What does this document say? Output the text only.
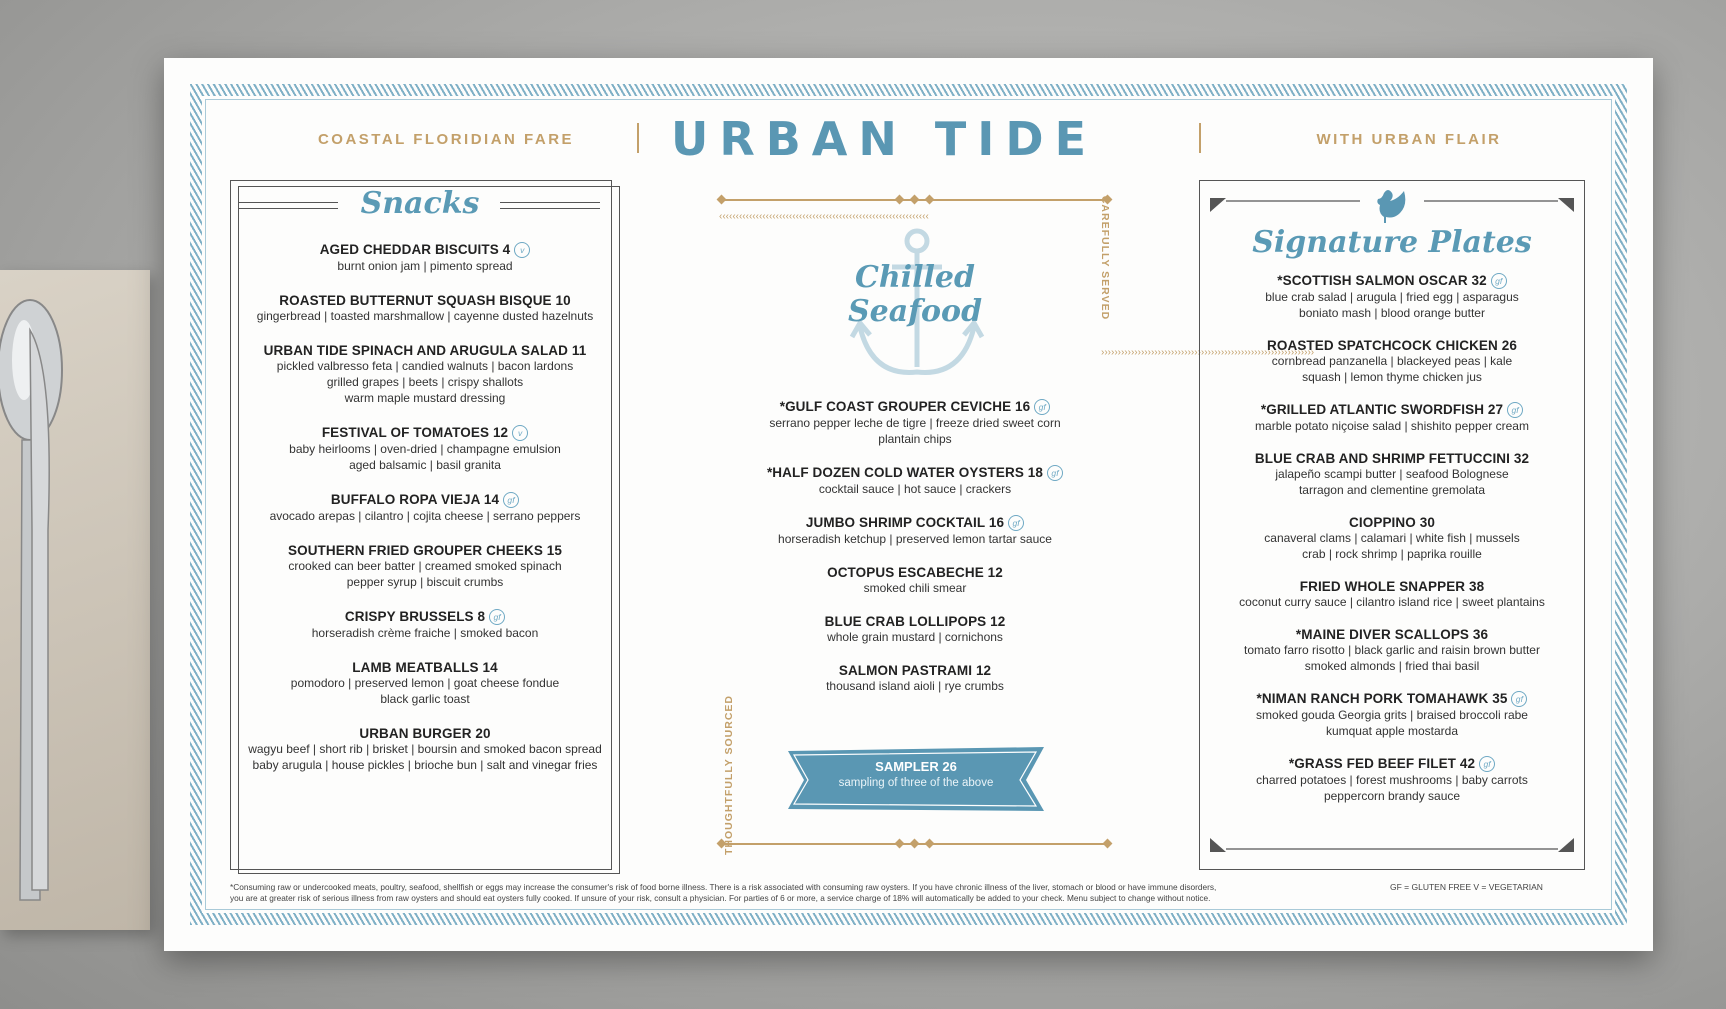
COASTAL FLORIDIAN FARE	URBAN TIDE	WITH URBAN FLAIR
Snacks
AGED CHEDDAR BISCUITS 4 v
burnt onion jam | pimento spread
ROASTED BUTTERNUT SQUASH BISQUE 10
gingerbread | toasted marshmallow | cayenne dusted hazelnuts
URBAN TIDE SPINACH AND ARUGULA SALAD 11
pickled valbresso feta | candied walnuts | bacon lardons
grilled grapes | beets | crispy shallots
warm maple mustard dressing
FESTIVAL OF TOMATOES 12 v
baby heirlooms | oven-dried | champagne emulsion
aged balsamic | basil granita
BUFFALO ROPA VIEJA 14 gf
avocado arepas | cilantro | cojita cheese | serrano peppers
SOUTHERN FRIED GROUPER CHEEKS 15
crooked can beer batter | creamed smoked spinach
pepper syrup | biscuit crumbs
CRISPY BRUSSELS 8 gf
horseradish crème fraiche | smoked bacon
LAMB MEATBALLS 14
pomodoro | preserved lemon | goat cheese fondue
black garlic toast
URBAN BURGER 20
wagyu beef | short rib | brisket | boursin and smoked bacon spread
baby arugula | house pickles | brioche bun | salt and vinegar fries
‹‹‹‹‹‹‹‹‹‹‹‹‹‹‹‹‹‹‹‹‹‹‹‹‹‹‹‹‹‹‹‹‹‹‹‹‹‹‹‹‹‹‹‹‹‹‹‹‹‹‹‹‹‹‹‹‹‹‹‹‹‹‹
THOUGHTFULLY SOURCED
CAREFULLY SERVED
››››››››››››››››››››››››››››››››››››››››››››››››››››››››››››››››
Chilled
Seafood
*GULF COAST GROUPER CEVICHE 16 gf
serrano pepper leche de tigre | freeze dried sweet corn
plantain chips
*HALF DOZEN COLD WATER OYSTERS 18 gf
cocktail sauce | hot sauce | crackers
JUMBO SHRIMP COCKTAIL 16 gf
horseradish ketchup | preserved lemon tartar sauce
OCTOPUS ESCABECHE 12
smoked chili smear
BLUE CRAB LOLLIPOPS 12
whole grain mustard | cornichons
SALMON PASTRAMI 12
thousand island aioli | rye crumbs
SAMPLER 26
sampling of three of the above
Signature Plates
*SCOTTISH SALMON OSCAR 32 gf
blue crab salad | arugula | fried egg | asparagus
boniato mash | blood orange butter
ROASTED SPATCHCOCK CHICKEN 26
cornbread panzanella | blackeyed peas | kale
squash | lemon thyme chicken jus
*GRILLED ATLANTIC SWORDFISH 27 gf
marble potato niçoise salad | shishito pepper cream
BLUE CRAB AND SHRIMP FETTUCCINI 32
jalapeño scampi butter | seafood Bolognese
tarragon and clementine gremolata
CIOPPINO 30
canaveral clams | calamari | white fish | mussels
crab | rock shrimp | paprika rouille
FRIED WHOLE SNAPPER 38
coconut curry sauce | cilantro island rice | sweet plantains
*MAINE DIVER SCALLOPS 36
tomato farro risotto | black garlic and raisin brown butter
smoked almonds | fried thai basil
*NIMAN RANCH PORK TOMAHAWK 35 gf
smoked gouda Georgia grits | braised broccoli rabe
kumquat apple mostarda
*GRASS FED BEEF FILET 42 gf
charred potatoes | forest mushrooms | baby carrots
peppercorn brandy sauce
*Consuming raw or undercooked meats, poultry, seafood, shellfish or eggs may increase the consumer's risk of food borne illness. There is a risk associated with consuming raw oysters. If you have chronic illness of the liver, stomach or blood or have immune disorders,
you are at greater risk of serious illness from raw oysters and should eat oysters fully cooked. If unsure of your risk, consult a physician. For parties of 6 or more, a service charge of 18% will automatically be added to your check. Menu subject to change without notice.
GF = GLUTEN FREE V = VEGETARIAN
